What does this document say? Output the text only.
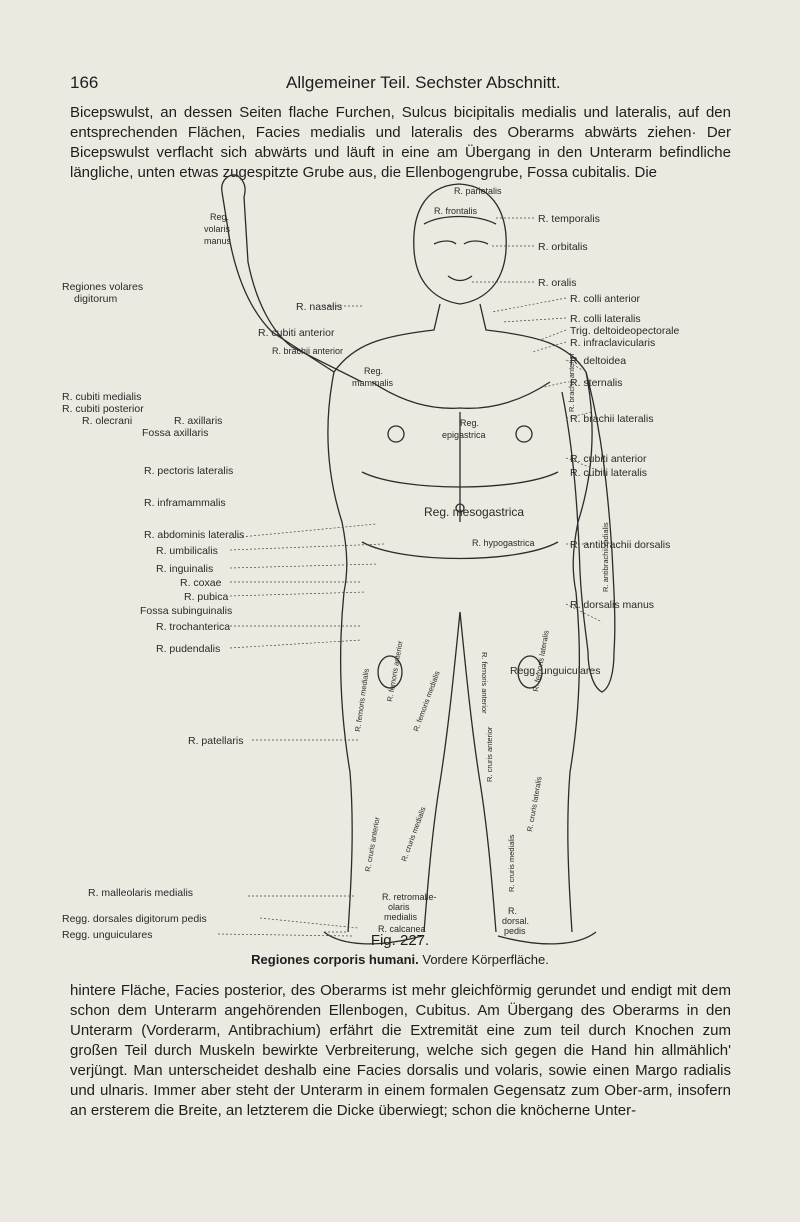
166	Allgemeiner Teil. Sechster Abschnitt.

Bicepswulst, an dessen Seiten flache Furchen, Sulcus bicipitalis medialis und lateralis, auf den entsprechenden Flächen, Facies medialis und lateralis des Oberarms abwärts ziehen· Der Bicepswulst verflacht sich abwärts und läuft in eine am Übergang in den Unterarm befindliche längliche, unten etwas zugespitzte Grube aus, die Ellenbogengrube, Fossa cubitalis. Die

Reg.
volaris
manus
R. frontalis
R. parietalis
R. brachii anterior
Reg.
mammalis
Reg.
epigastrica
R. hypogastrica
R. calcanea
R. retromalle-
olaris
medialis
R.
dorsal.
pedis
Reg. mesogastrica
R. femoris anterior R. femoris medialis	R. femoris anterior	R. femoris lateralis
R. femoris medialis
R. cruris anterior R. cruris medialis
R. cruris anterior
R. cruris lateralis
R. cruris medialis
R. antibrachii radialis
R. brachii anterior
Regiones volares
digitorum
R. nasalis
R. cubiti anterior
R. cubiti medialis
R. cubiti posterior
R. olecrani	R. axillaris
Fossa axillaris
R. pectoris lateralis
R. inframammalis
R. abdominis lateralis
R. umbilicalis
R. inguinalis
R. coxae
R. pubica
Fossa subinguinalis
R. trochanterica
R. pudendalis
R. patellaris
R. malleolaris medialis
Regg. dorsales digitorum pedis
Regg. unguiculares
R. temporalis
R. orbitalis
R. oralis
R. colli anterior
R. colli lateralis
Trig. deltoideopectorale
R. infraclavicularis
R. deltoidea
R. sternalis
R. brachii lateralis
R. cubiti anterior
R. cubiti lateralis
R. antibrachii dorsalis
R. dorsalis manus
Regg. unguiculares
Fig. 227.
Regiones corporis humani. Vordere Körperfläche.

hintere Fläche, Facies posterior, des Oberarms ist mehr gleichförmig gerundet und endigt mit dem schon dem Unterarm angehörenden Ellenbogen, Cubitus. Am Übergang des Oberarms in den Unterarm (Vorderarm, Antibrachium) erfährt die Extremität eine zum teil durch Knochen zum großen Teil durch Muskeln bewirkte Verbreiterung, welche sich gegen die Hand hin allmählich' verjüngt. Man unterscheidet deshalb eine Facies dorsalis und volaris, sowie einen Margo radialis und ulnaris. Immer aber steht der Unterarm in einem formalen Gegensatz zum Ober-arm, insofern an ersterem die Breite, an letzterem die Dicke überwiegt; schon die knöcherne Unter-
